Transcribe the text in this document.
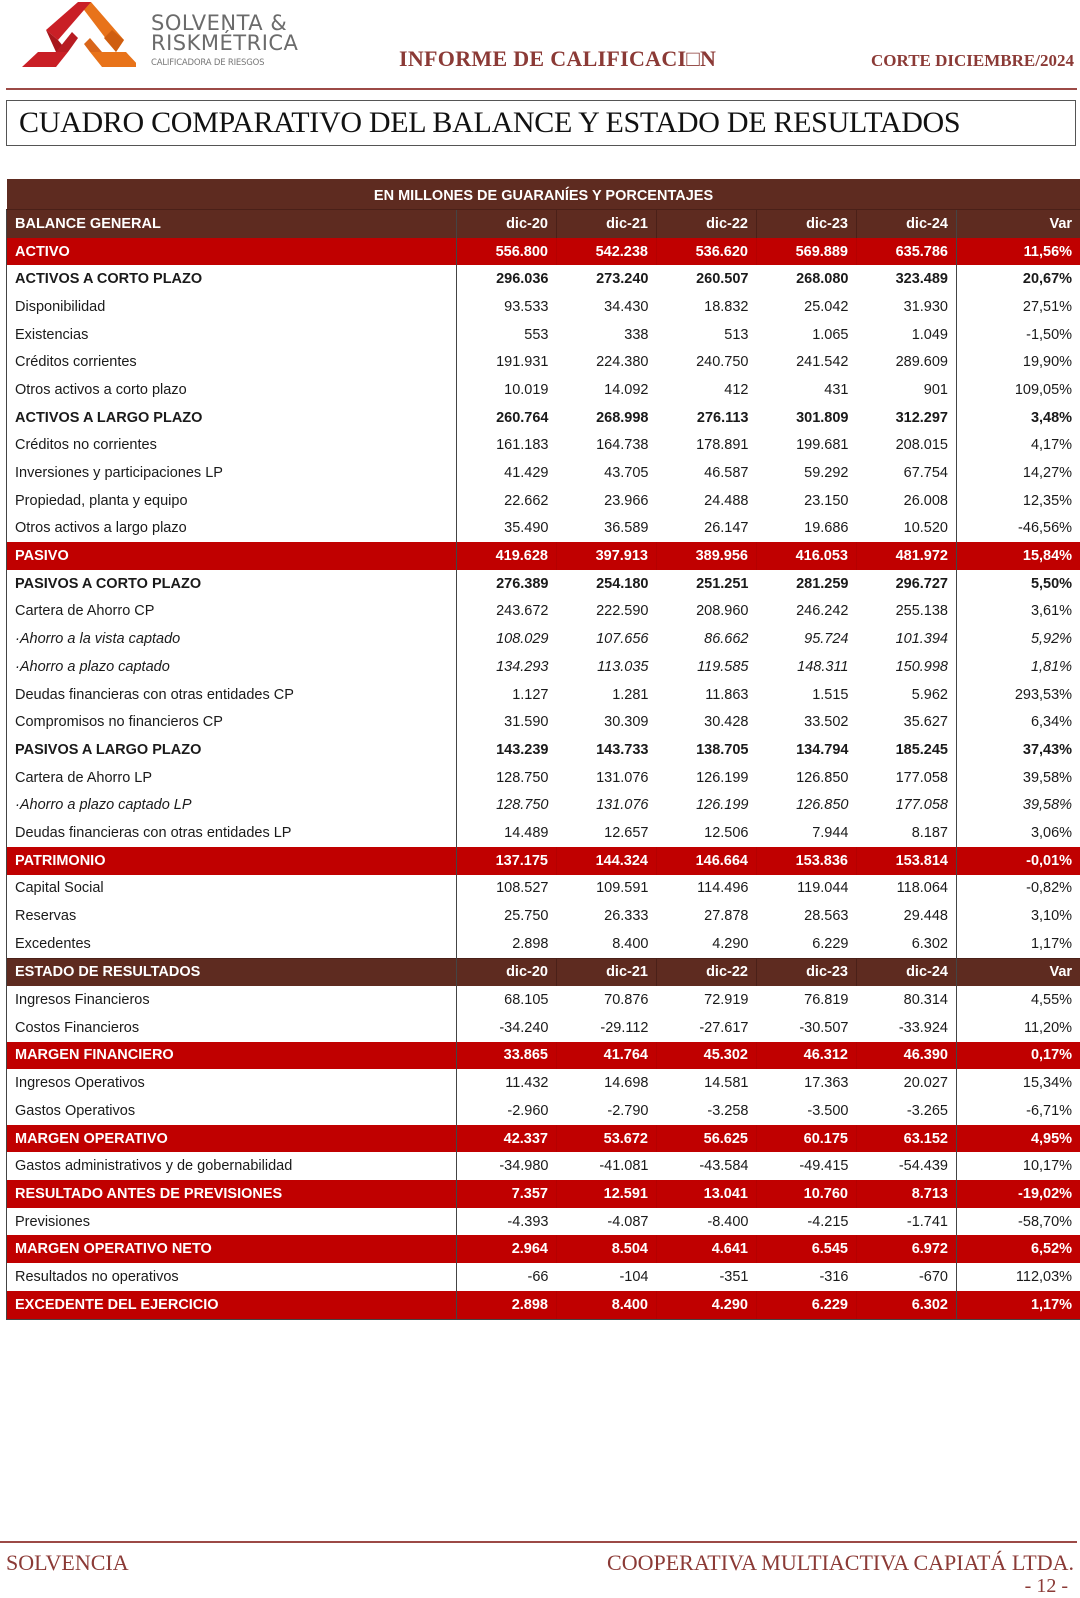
SOLVENTA &
RISKMÉTRICA
CALIFICADORA DE RIESGOS	INFORME DE CALIFICACI□N	CORTE DICIEMBRE/2024
CUADRO COMPARATIVO DEL BALANCE Y ESTADO DE RESULTADOS
EN MILLONES DE GUARANÍES Y PORCENTAJES						
BALANCE GENERAL	dic-20	dic-21	dic-22	dic-23	dic-24	Var
ACTIVO	556.800	542.238	536.620	569.889	635.786	11,56%
ACTIVOS A CORTO PLAZO	296.036	273.240	260.507	268.080	323.489	20,67%
Disponibilidad	93.533	34.430	18.832	25.042	31.930	27,51%
Existencias	553	338	513	1.065	1.049	-1,50%
Créditos corrientes	191.931	224.380	240.750	241.542	289.609	19,90%
Otros activos a corto plazo	10.019	14.092	412	431	901	109,05%
ACTIVOS A LARGO PLAZO	260.764	268.998	276.113	301.809	312.297	3,48%
Créditos no corrientes	161.183	164.738	178.891	199.681	208.015	4,17%
Inversiones y participaciones LP	41.429	43.705	46.587	59.292	67.754	14,27%
Propiedad, planta y equipo	22.662	23.966	24.488	23.150	26.008	12,35%
Otros activos a largo plazo	35.490	36.589	26.147	19.686	10.520	-46,56%
PASIVO	419.628	397.913	389.956	416.053	481.972	15,84%
PASIVOS A CORTO PLAZO	276.389	254.180	251.251	281.259	296.727	5,50%
Cartera de Ahorro CP	243.672	222.590	208.960	246.242	255.138	3,61%
·Ahorro a la vista captado	108.029	107.656	86.662	95.724	101.394	5,92%
·Ahorro a plazo captado	134.293	113.035	119.585	148.311	150.998	1,81%
Deudas financieras con otras entidades CP	1.127	1.281	11.863	1.515	5.962	293,53%
Compromisos no financieros CP	31.590	30.309	30.428	33.502	35.627	6,34%
PASIVOS A LARGO PLAZO	143.239	143.733	138.705	134.794	185.245	37,43%
Cartera de Ahorro LP	128.750	131.076	126.199	126.850	177.058	39,58%
·Ahorro a plazo captado LP	128.750	131.076	126.199	126.850	177.058	39,58%
Deudas financieras con otras entidades LP	14.489	12.657	12.506	7.944	8.187	3,06%
PATRIMONIO	137.175	144.324	146.664	153.836	153.814	-0,01%
Capital Social	108.527	109.591	114.496	119.044	118.064	-0,82%
Reservas	25.750	26.333	27.878	28.563	29.448	3,10%
Excedentes	2.898	8.400	4.290	6.229	6.302	1,17%
ESTADO DE RESULTADOS	dic-20	dic-21	dic-22	dic-23	dic-24	Var
Ingresos Financieros	68.105	70.876	72.919	76.819	80.314	4,55%
Costos Financieros	-34.240	-29.112	-27.617	-30.507	-33.924	11,20%
MARGEN FINANCIERO	33.865	41.764	45.302	46.312	46.390	0,17%
Ingresos Operativos	11.432	14.698	14.581	17.363	20.027	15,34%
Gastos Operativos	-2.960	-2.790	-3.258	-3.500	-3.265	-6,71%
MARGEN OPERATIVO	42.337	53.672	56.625	60.175	63.152	4,95%
Gastos administrativos y de gobernabilidad	-34.980	-41.081	-43.584	-49.415	-54.439	10,17%
RESULTADO ANTES DE PREVISIONES	7.357	12.591	13.041	10.760	8.713	-19,02%
Previsiones	-4.393	-4.087	-8.400	-4.215	-1.741	-58,70%
MARGEN OPERATIVO NETO	2.964	8.504	4.641	6.545	6.972	6,52%
Resultados no operativos	-66	-104	-351	-316	-670	112,03%
EXCEDENTE DEL EJERCICIO	2.898	8.400	4.290	6.229	6.302	1,17%
SOLVENCIA	COOPERATIVA MULTIACTIVA CAPIATÁ LTDA.
- 12 -
